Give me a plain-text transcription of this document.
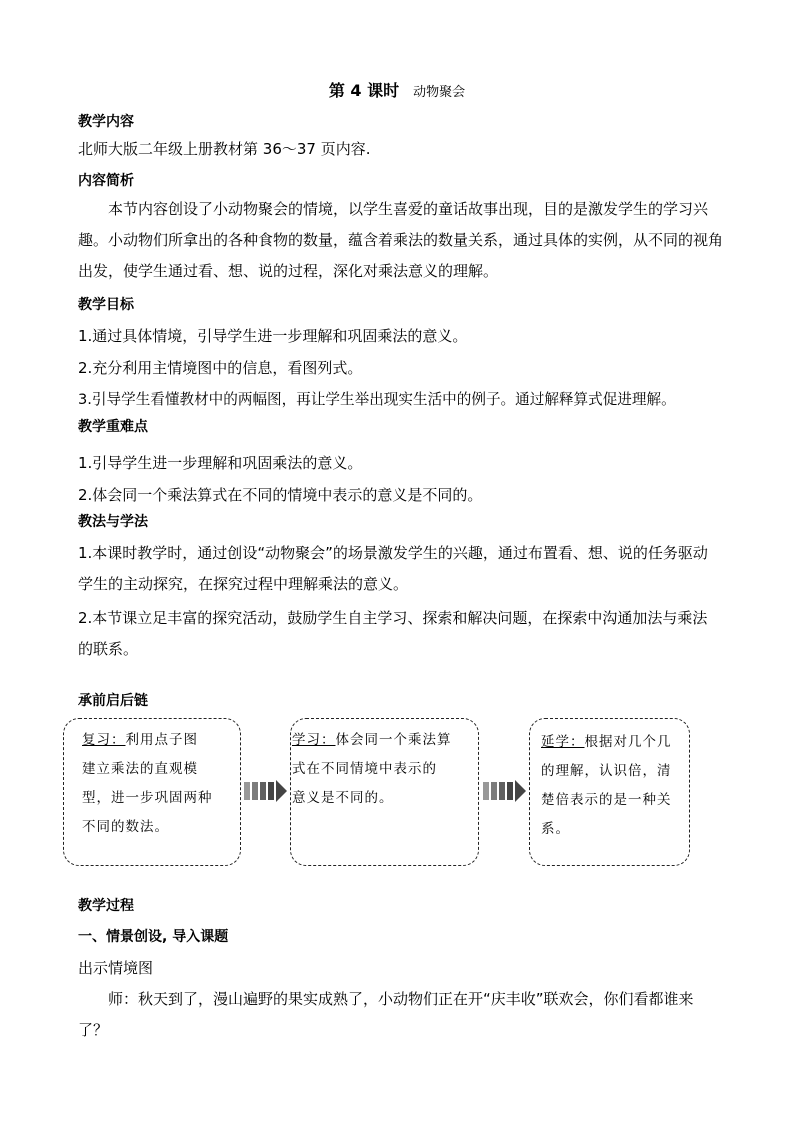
第 4 课时 动物聚会
教学内容
北师大版二年级上册教材第 36～37 页内容.
内容简析
本节内容创设了小动物聚会的情境，以学生喜爱的童话故事出现，目的是激发学生的学习兴趣。小动物们所拿出的各种食物的数量，蕴含着乘法的数量关系，通过具体的实例，从不同的视角出发，使学生通过看、想、说的过程，深化对乘法意义的理解。
教学目标
1.通过具体情境，引导学生进一步理解和巩固乘法的意义。
2.充分利用主情境图中的信息，看图列式。
3.引导学生看懂教材中的两幅图，再让学生举出现实生活中的例子。通过解释算式促进理解。
教学重难点
1.引导学生进一步理解和巩固乘法的意义。
2.体会同一个乘法算式在不同的情境中表示的意义是不同的。
教法与学法
1.本课时教学时，通过创设“动物聚会”的场景激发学生的兴趣，通过布置看、想、说的任务驱动学生的主动探究，在探究过程中理解乘法的意义。
2.本节课立足丰富的探究活动，鼓励学生自主学习、探索和解决问题，在探索中沟通加法与乘法的联系。
承前启后链
复习：利用点子图
建立乘法的直观模
型，进一步巩固两种
不同的数法。
学习：体会同一个乘法算
式在不同情境中表示的
意义是不同的。
延学：根据对几个几
的理解，认识倍，清
楚倍表示的是一种关
系。
教学过程
一、情景创设, 导入课题
出示情境图
师：秋天到了，漫山遍野的果实成熟了，小动物们正在开“庆丰收”联欢会，你们看都谁来了？
